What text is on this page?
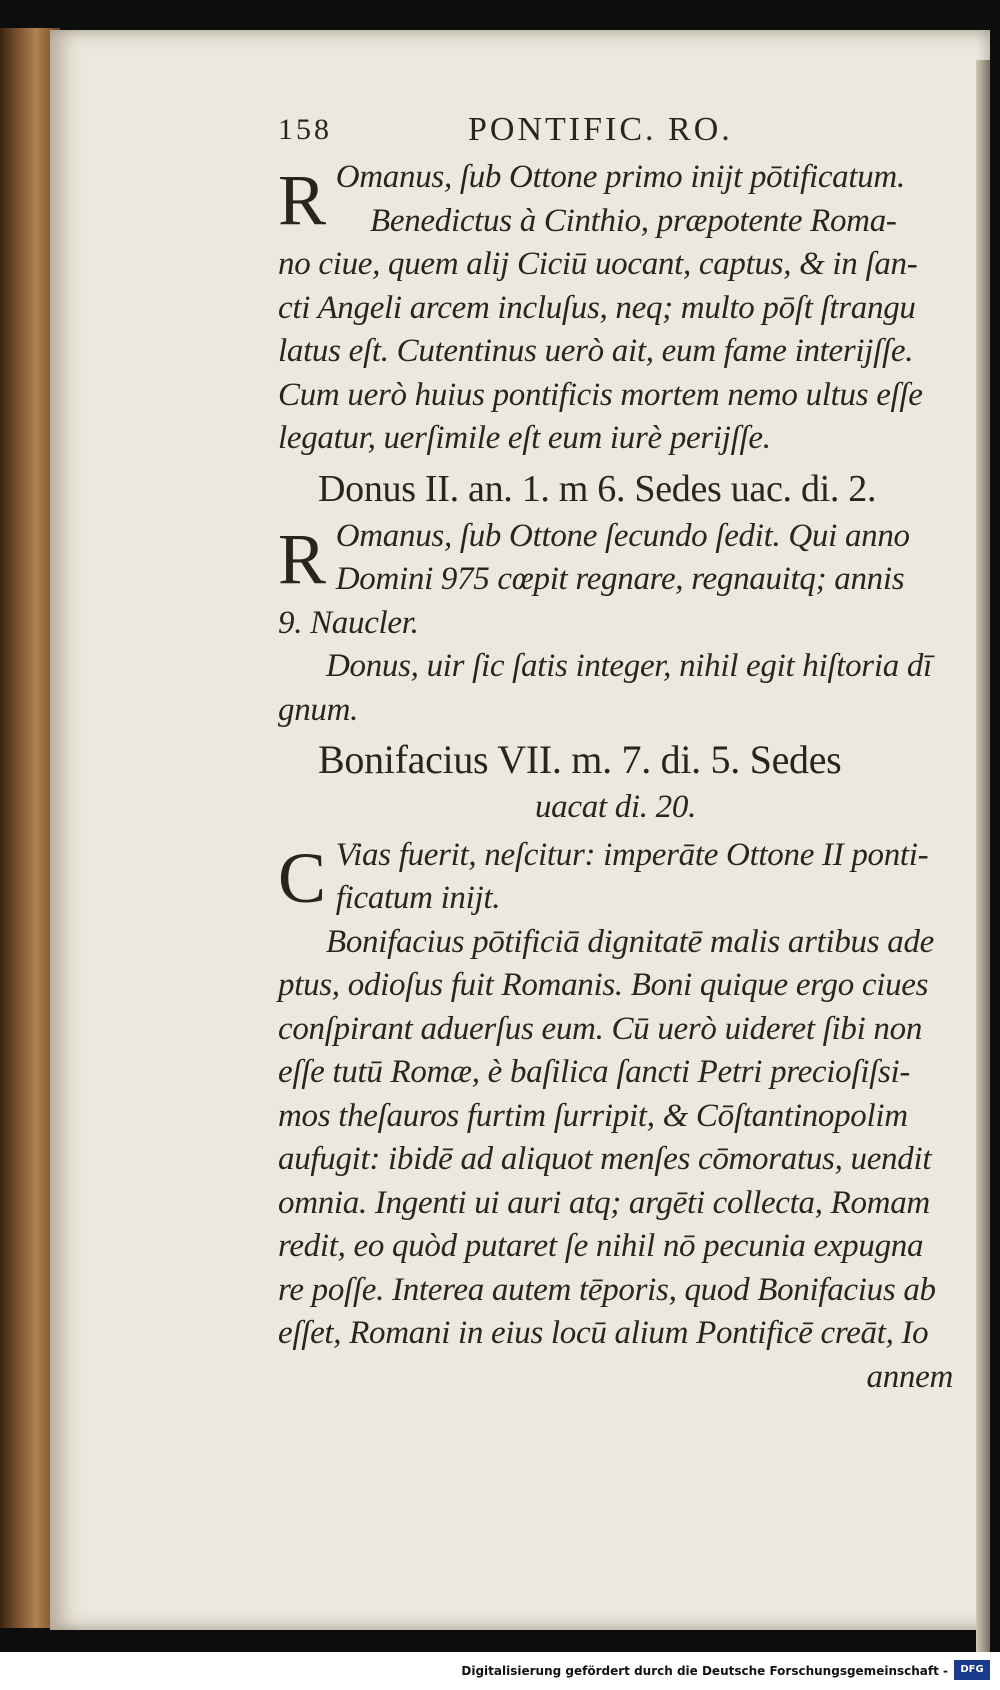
158	PONTIFIC. RO.
R Omanus, ſub Ottone primo inijt pōtificatum.
Benedictus à Cinthio, præpotente Roma-
no ciue, quem alij Ciciū uocant, captus, & in ſan-
cti Angeli arcem incluſus, neq; multo pōſt ſtrangu
latus eſt. Cutentinus uerò ait, eum fame interijſſe.
Cum uerò huius pontificis mortem nemo ultus eſſe
legatur, uerſimile eſt eum iurè perijſſe.
Donus II. an. 1. m 6. Sedes uac. di. 2.
R Omanus, ſub Ottone ſecundo ſedit. Qui anno
Domini 975 cœpit regnare, regnauitq; annis
9. Naucler.
Donus, uir ſic ſatis integer, nihil egit hiſtoria dī
gnum.
Bonifacius VII. m. 7. di. 5. Sedes
uacat di. 20.
C Vias fuerit, neſcitur: imperāte Ottone II ponti-
ficatum inijt.
Bonifacius pōtificiā dignitatē malis artibus ade
ptus, odioſus fuit Romanis. Boni quique ergo ciues
conſpirant aduerſus eum. Cū uerò uideret ſibi non
eſſe tutū Romæ, è baſilica ſancti Petri precioſiſsi-
mos theſauros furtim ſurripit, & Cōſtantinopolim
aufugit: ibidē ad aliquot menſes cōmoratus, uendit
omnia. Ingenti ui auri atq; argēti collecta, Romam
redit, eo quòd putaret ſe nihil nō pecunia expugna
re poſſe. Interea autem tēporis, quod Bonifacius ab
eſſet, Romani in eius locū alium Pontificē creāt, Io
annem
Digitalisierung gefördert durch die Deutsche Forschungsgemeinschaft -	DFG
